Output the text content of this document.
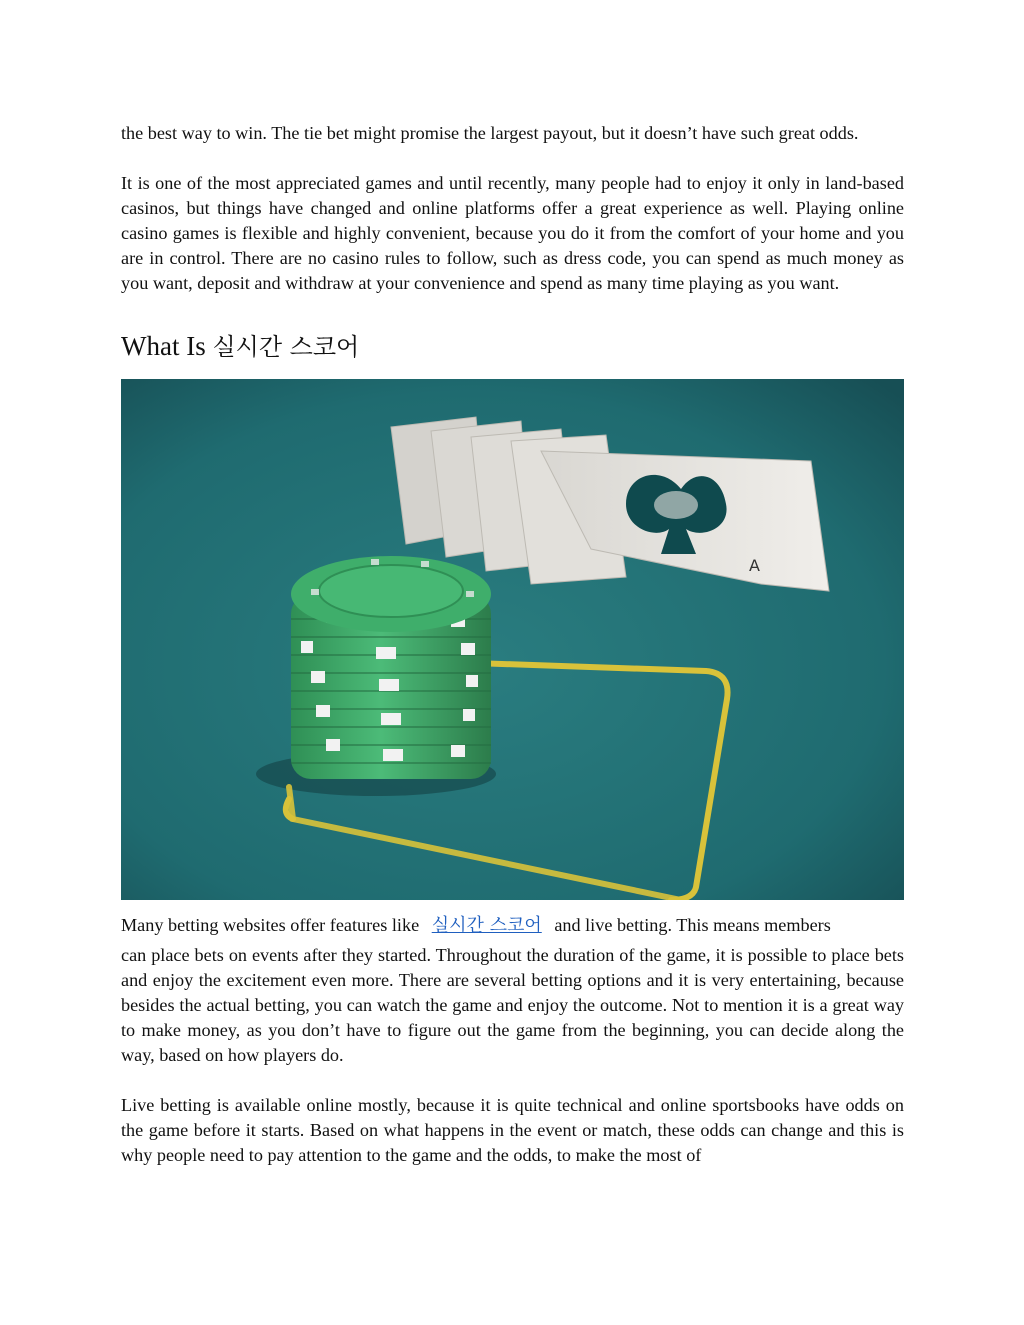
the best way to win. The tie bet might promise the largest payout, but it doesn’t have such great odds.

It is one of the most appreciated games and until recently, many people had to enjoy it only in land-based casinos, but things have changed and online platforms offer a great experience as well. Playing online casino games is flexible and highly convenient, because you do it from the comfort of your home and you are in control. There are no casino rules to follow, such as dress code, you can spend as much money as you want, deposit and withdraw at your convenience and spend as many time playing as you want.

What Is 실시간 스코어
A

Many betting websites offer features like 실시간 스코어 and live betting. This means members
can place bets on events after they started. Throughout the duration of the game, it is possible to place bets and enjoy the excitement even more. There are several betting options and it is very entertaining, because besides the actual betting, you can watch the game and enjoy the outcome. Not to mention it is a great way to make money, as you don’t have to figure out the game from the beginning, you can decide along the way, based on how players do.

Live betting is available online mostly, because it is quite technical and online sportsbooks have odds on the game before it starts. Based on what happens in the event or match, these odds can change and this is why people need to pay attention to the game and the odds, to make the most of
